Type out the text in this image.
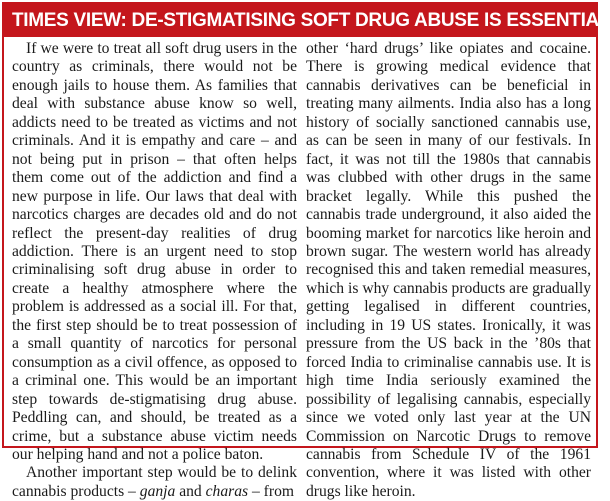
TIMES VIEW: DE-STIGMATISING SOFT DRUG ABUSE IS ESSENTIAL

If we were to treat all soft drug users in the country as criminals, there would not be enough jails to house them. As families that deal with substance abuse know so well, addicts need to be treated as victims and not criminals. And it is empathy and care – and not being put in prison – that often helps them come out of the addiction and find a new purpose in life. Our laws that deal with narcotics charges are decades old and do not reflect the present-day realities of drug addiction. There is an urgent need to stop criminalising soft drug abuse in order to create a healthy atmosphere where the problem is addressed as a social ill. For that, the first step should be to treat possession of a small quantity of narcotics for personal consumption as a civil offence, as opposed to a criminal one. This would be an important step towards de-stigmatising drug abuse. Peddling can, and should, be treated as a crime, but a substance abuse victim needs our helping hand and not a police baton.

Another important step would be to delink cannabis products – ganja and charas – from

other ‘hard drugs’ like opiates and cocaine. There is growing medical evidence that cannabis derivatives can be beneficial in treating many ailments. India also has a long history of socially sanctioned cannabis use, as can be seen in many of our festivals. In fact, it was not till the 1980s that cannabis was clubbed with other drugs in the same bracket legally. While this pushed the cannabis trade underground, it also aided the booming market for narcotics like heroin and brown sugar. The western world has already recognised this and taken remedial measures, which is why cannabis products are gradually getting legalised in different countries, including in 19 US states. Ironically, it was pressure from the US back in the ’80s that forced India to criminalise cannabis use. It is high time India seriously examined the possibility of legalising cannabis, especially since we voted only last year at the UN Commission on Narcotic Drugs to remove cannabis from Schedule IV of the 1961 convention, where it was listed with other drugs like heroin.
